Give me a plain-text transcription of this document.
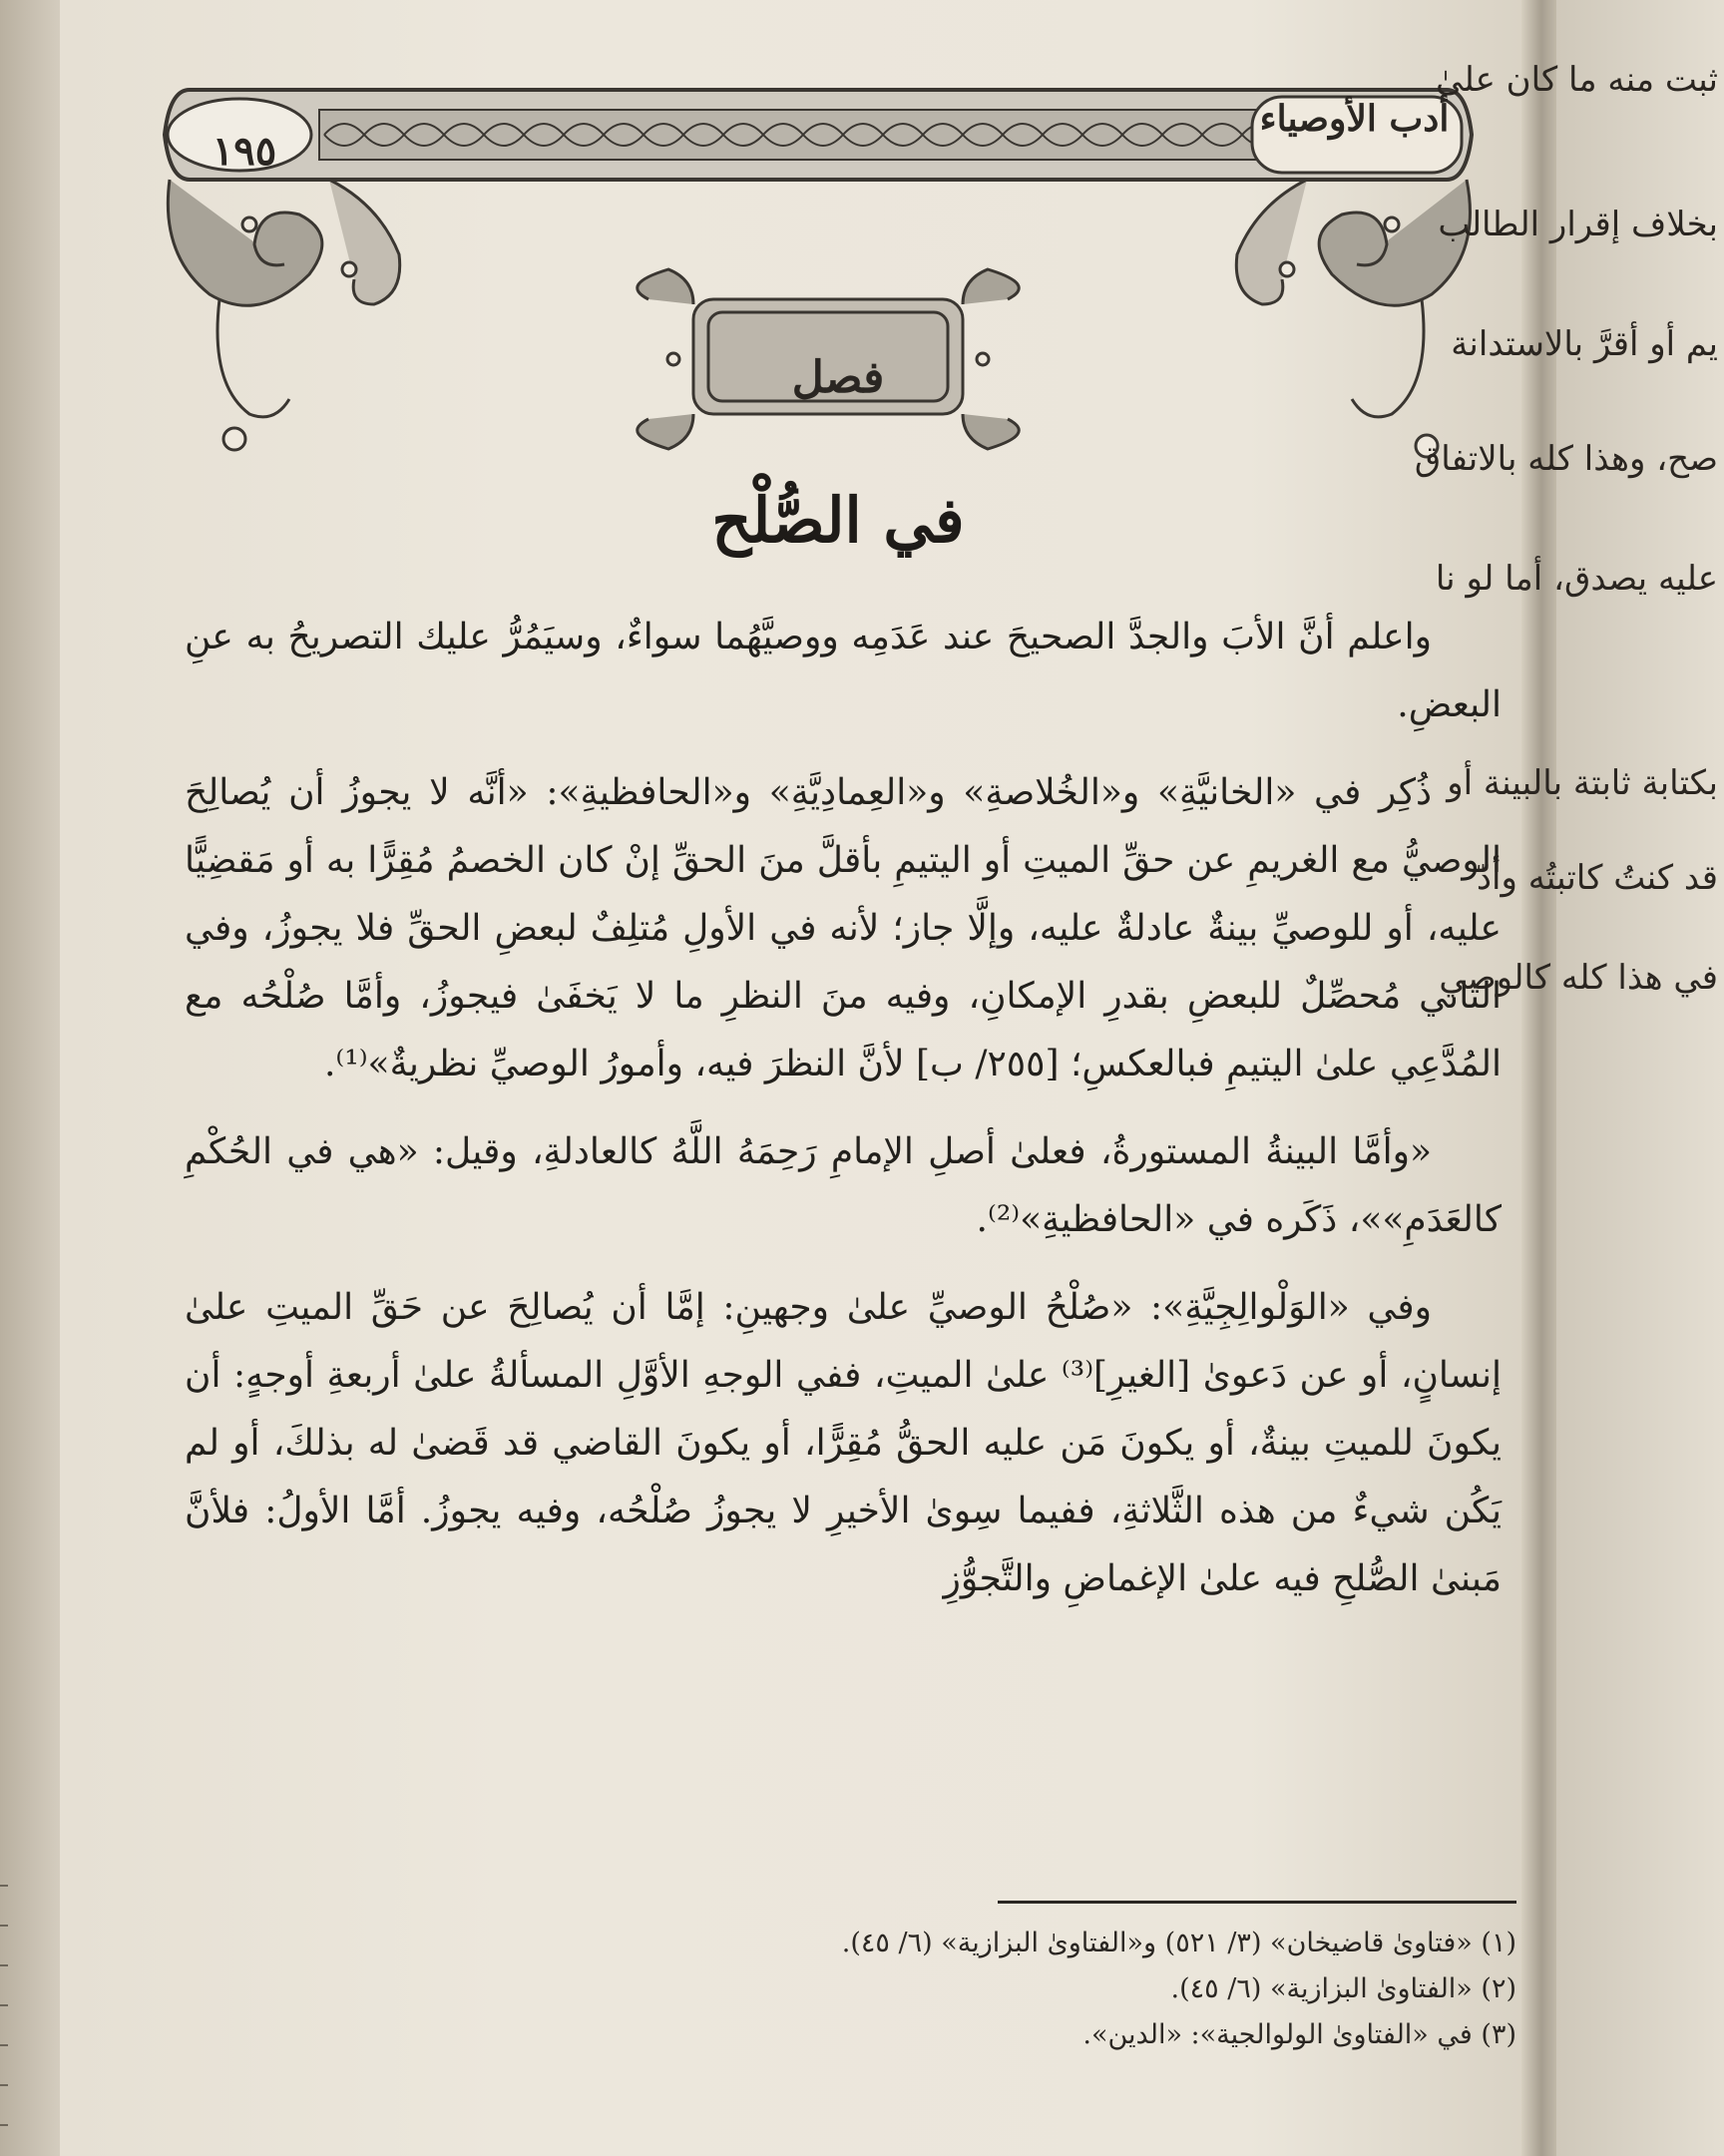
١٩٥
أدب الأوصياء
فصل
في الصُّلْح

واعلم أنَّ الأبَ والجدَّ الصحيحَ عند عَدَمِه ووصيَّهُما سواءٌ، وسيَمُرُّ عليك التصريحُ به عنِ البعضِ.

ذُكِر في «الخانيَّةِ» و«الخُلاصةِ» و«العِمادِيَّةِ» و«الحافظيةِ»: «أنَّه لا يجوزُ أن يُصالِحَ الوصيُّ مع الغريمِ عن حقِّ الميتِ أو اليتيمِ بأقلَّ منَ الحقِّ إنْ كان الخصمُ مُقِرًّا به أو مَقضِيًّا عليه، أو للوصيِّ بينةٌ عادلةٌ عليه، وإلَّا جاز؛ لأنه في الأولِ مُتلِفٌ لبعضِ الحقِّ فلا يجوزُ، وفي الثاني مُحصِّلٌ للبعضِ بقدرِ الإمكانِ، وفيه منَ النظرِ ما لا يَخفَىٰ فيجوزُ، وأمَّا صُلْحُه مع المُدَّعِي علىٰ اليتيمِ فبالعكسِ؛ [٢٥٥/ ب] لأنَّ النظرَ فيه، وأمورُ الوصيِّ نظريةٌ»⁽¹⁾.

«وأمَّا البينةُ المستورةُ، فعلىٰ أصلِ الإمامِ رَحِمَهُ اللَّهُ كالعادلةِ، وقيل: «هي في الحُكْمِ كالعَدَمِ»»، ذَكَره في «الحافظيةِ»⁽²⁾.

وفي «الوَلْوالِجِيَّةِ»: «صُلْحُ الوصيِّ علىٰ وجهينِ: إمَّا أن يُصالِحَ عن حَقِّ الميتِ علىٰ إنسانٍ، أو عن دَعوىٰ [الغيرِ]⁽³⁾ علىٰ الميتِ، ففي الوجهِ الأوَّلِ المسألةُ علىٰ أربعةِ أوجهٍ: أن يكونَ للميتِ بينةٌ، أو يكونَ مَن عليه الحقُّ مُقِرًّا، أو يكونَ القاضي قد قَضىٰ له بذلكَ، أو لم يَكُن شيءٌ من هذه الثَّلاثةِ، ففيما سِوىٰ الأخيرِ لا يجوزُ صُلْحُه، وفيه يجوزُ. أمَّا الأولُ: فلأنَّ مَبنىٰ الصُّلحِ فيه علىٰ الإغماضِ والتَّجوُّزِ

(١) «فتاوىٰ قاضيخان» (٣/ ٥٢١) و«الفتاوىٰ البزازية» (٦/ ٤٥).
(٢) «الفتاوىٰ البزازية» (٦/ ٤٥).
(٣) في «الفتاوىٰ الولوالجية»: «الدين».
ثبت منه ما كان علىٰ
بخلاف إقرار الطالب
يم أو أقرَّ بالاستدانة
صح، وهذا كله بالاتفاق
عليه يصدق، أما لو نا
بكتابة ثابتة بالبينة أو
قد كنتُ كاتبتُه وأدّ
في هذا كله كالوصي
